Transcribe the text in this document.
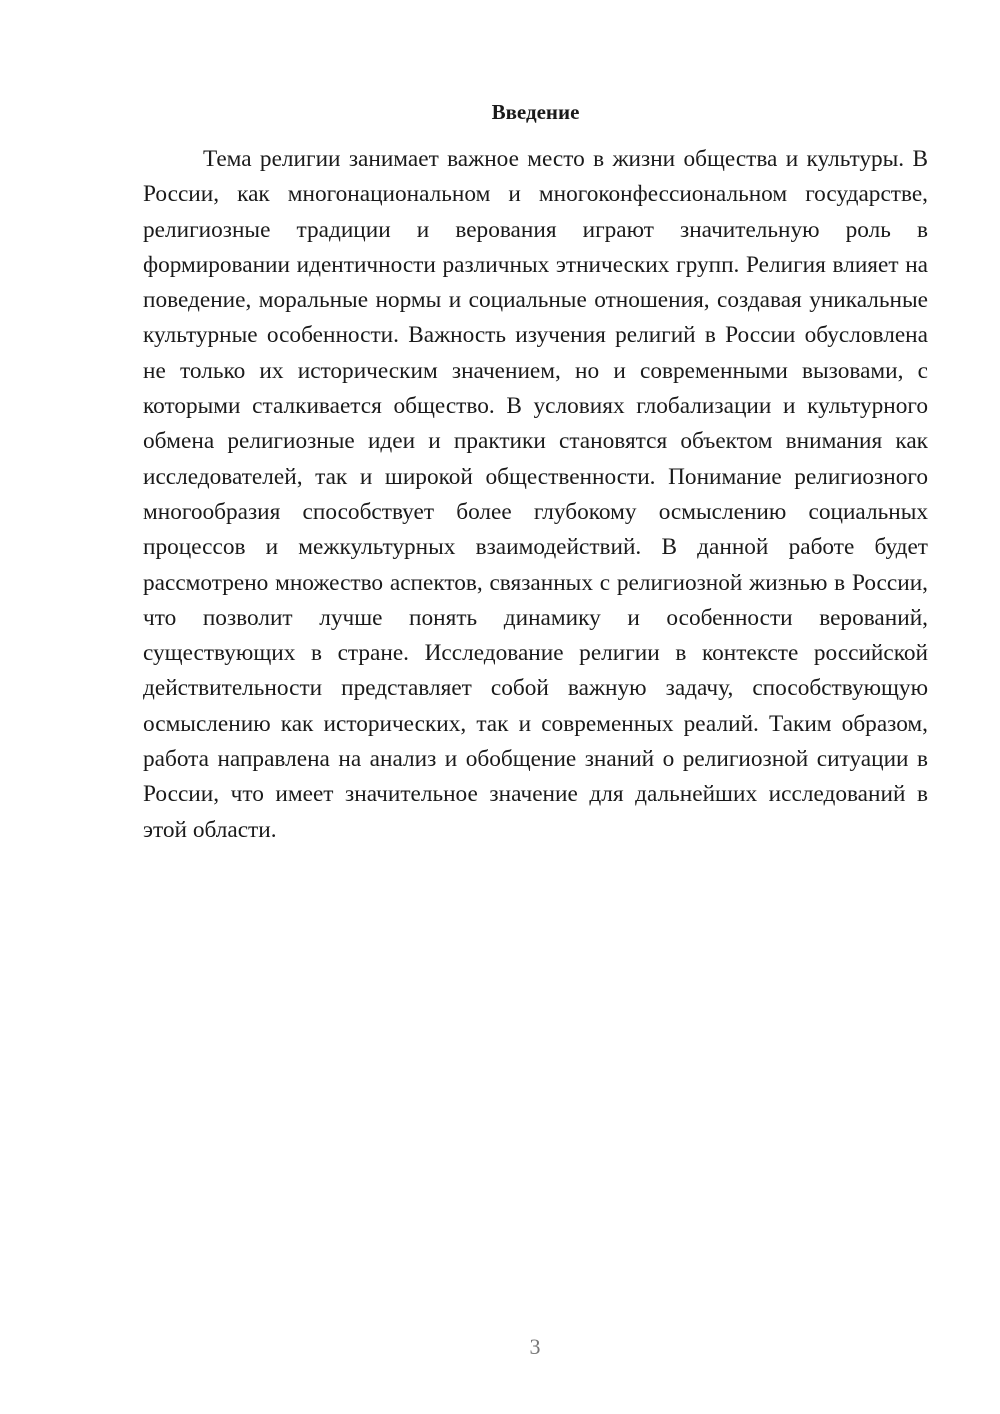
Введение

Тема религии занимает важное место в жизни общества и культуры. В России, как многонациональном и многоконфессиональном государстве, религиозные традиции и верования играют значительную роль в формировании идентичности различных этнических групп. Религия влияет на поведение, моральные нормы и социальные отношения, создавая уникальные культурные особенности. Важность изучения религий в России обусловлена не только их историческим значением, но и современными вызовами, с которыми сталкивается общество. В условиях глобализации и культурного обмена религиозные идеи и практики становятся объектом внимания как исследователей, так и широкой общественности. Понимание религиозного многообразия способствует более глубокому осмыслению социальных процессов и межкультурных взаимодействий. В данной работе будет рассмотрено множество аспектов, связанных с религиозной жизнью в России, что позволит лучше понять динамику и особенности верований, существующих в стране. Исследование религии в контексте российской действительности представляет собой важную задачу, способствующую осмыслению как исторических, так и современных реалий. Таким образом, работа направлена на анализ и обобщение знаний о религиозной ситуации в России, что имеет значительное значение для дальнейших исследований в этой области.

3
